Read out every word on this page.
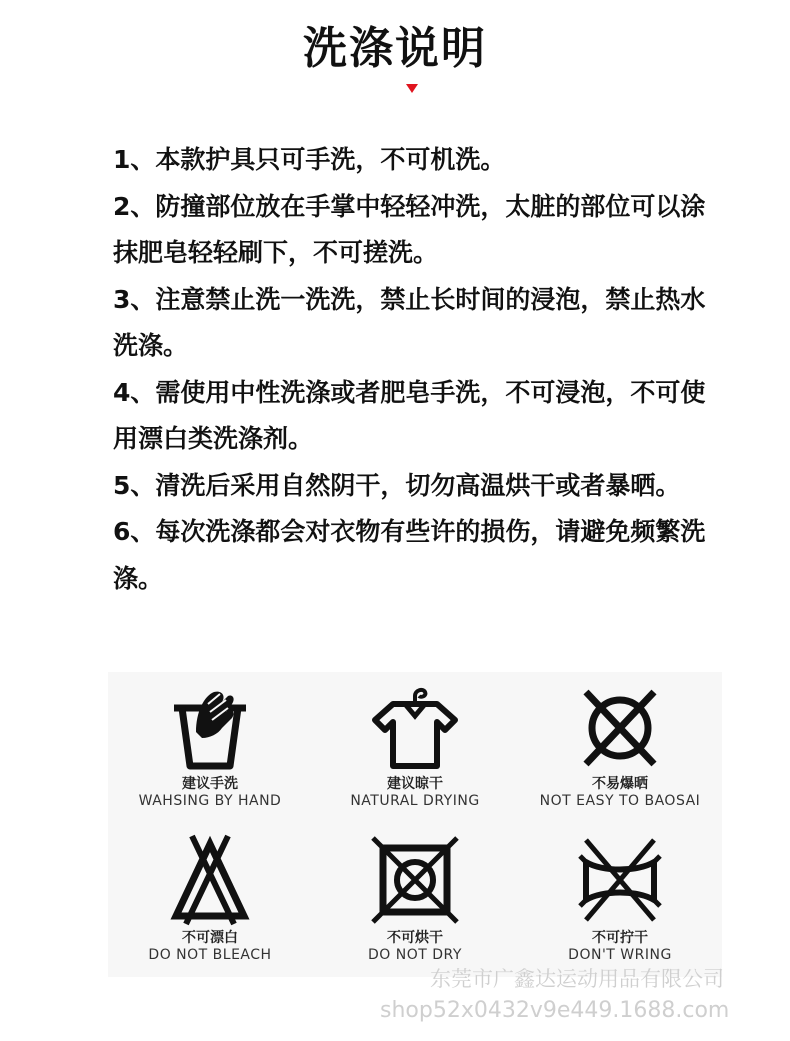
洗涤说明

1、本款护具只可手洗，不可机洗。

2、防撞部位放在手掌中轻轻冲洗，太脏的部位可以涂抹肥皂轻轻刷下，不可搓洗。

3、注意禁止洗一洗洗，禁止长时间的浸泡，禁止热水洗涤。

4、需使用中性洗涤或者肥皂手洗，不可浸泡，不可使用漂白类洗涤剂。

5、清洗后采用自然阴干，切勿高温烘干或者暴晒。

6、每次洗涤都会对衣物有些许的损伤，请避免频繁洗涤。

建议手洗
WAHSING BY HAND
建议晾干
NATURAL DRYING
不易爆晒
NOT EASY TO BAOSAI
不可漂白
DO NOT BLEACH
不可烘干
DO NOT DRY
不可拧干
DON'T WRING
东莞市广鑫达运动用品有限公司
shop52x0432v9e449.1688.com
